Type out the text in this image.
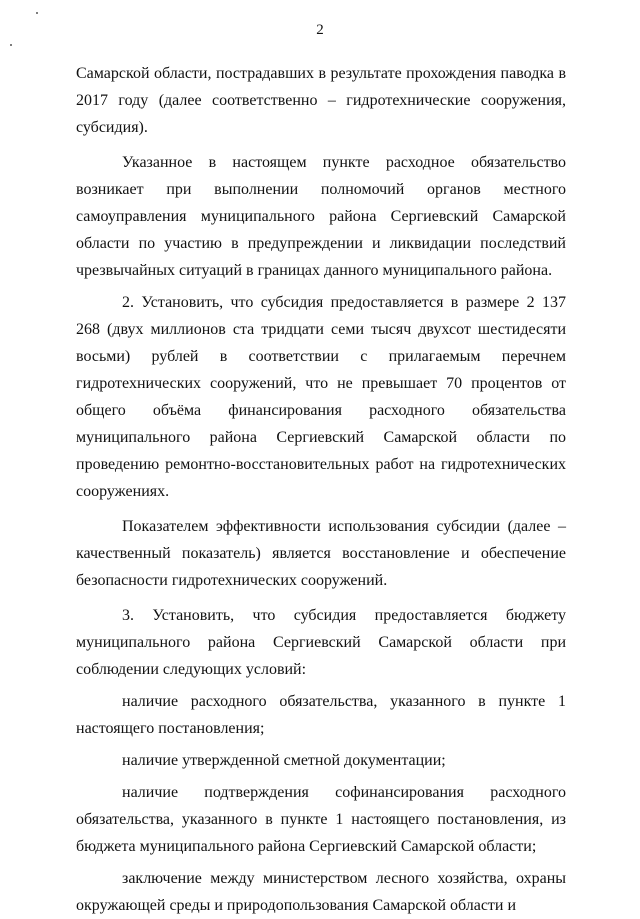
2

Самарской области, пострадавших в результате прохождения паводка в 2017 году (далее соответственно – гидротехнические сооружения, субсидия).

Указанное в настоящем пункте расходное обязательство возникает при выполнении полномочий органов местного самоуправления муниципального района Сергиевский Самарской области по участию в предупреждении и ликвидации последствий чрезвычайных ситуаций в границах данного муниципального района.

2. Установить, что субсидия предоставляется в размере 2 137 268 (двух миллионов ста тридцати семи тысяч двухсот шестидесяти восьми) рублей в соответствии с прилагаемым перечнем гидротехнических сооружений, что не превышает 70 процентов от общего объёма финансирования расходного обязательства муниципального района Сергиевский Самарской области по проведению ремонтно-восстановительных работ на гидротехнических сооружениях.

Показателем эффективности использования субсидии (далее – качественный показатель) является восстановление и обеспечение безопасности гидротехнических сооружений.

3. Установить, что субсидия предоставляется бюджету муниципального района Сергиевский Самарской области при соблюдении следующих условий:

наличие расходного обязательства, указанного в пункте 1 настоящего постановления;

наличие утвержденной сметной документации;

наличие подтверждения софинансирования расходного обязательства, указанного в пункте 1 настоящего постановления, из бюджета муниципального района Сергиевский Самарской области;

заключение между министерством лесного хозяйства, охраны окружающей среды и природопользования Самарской области и
